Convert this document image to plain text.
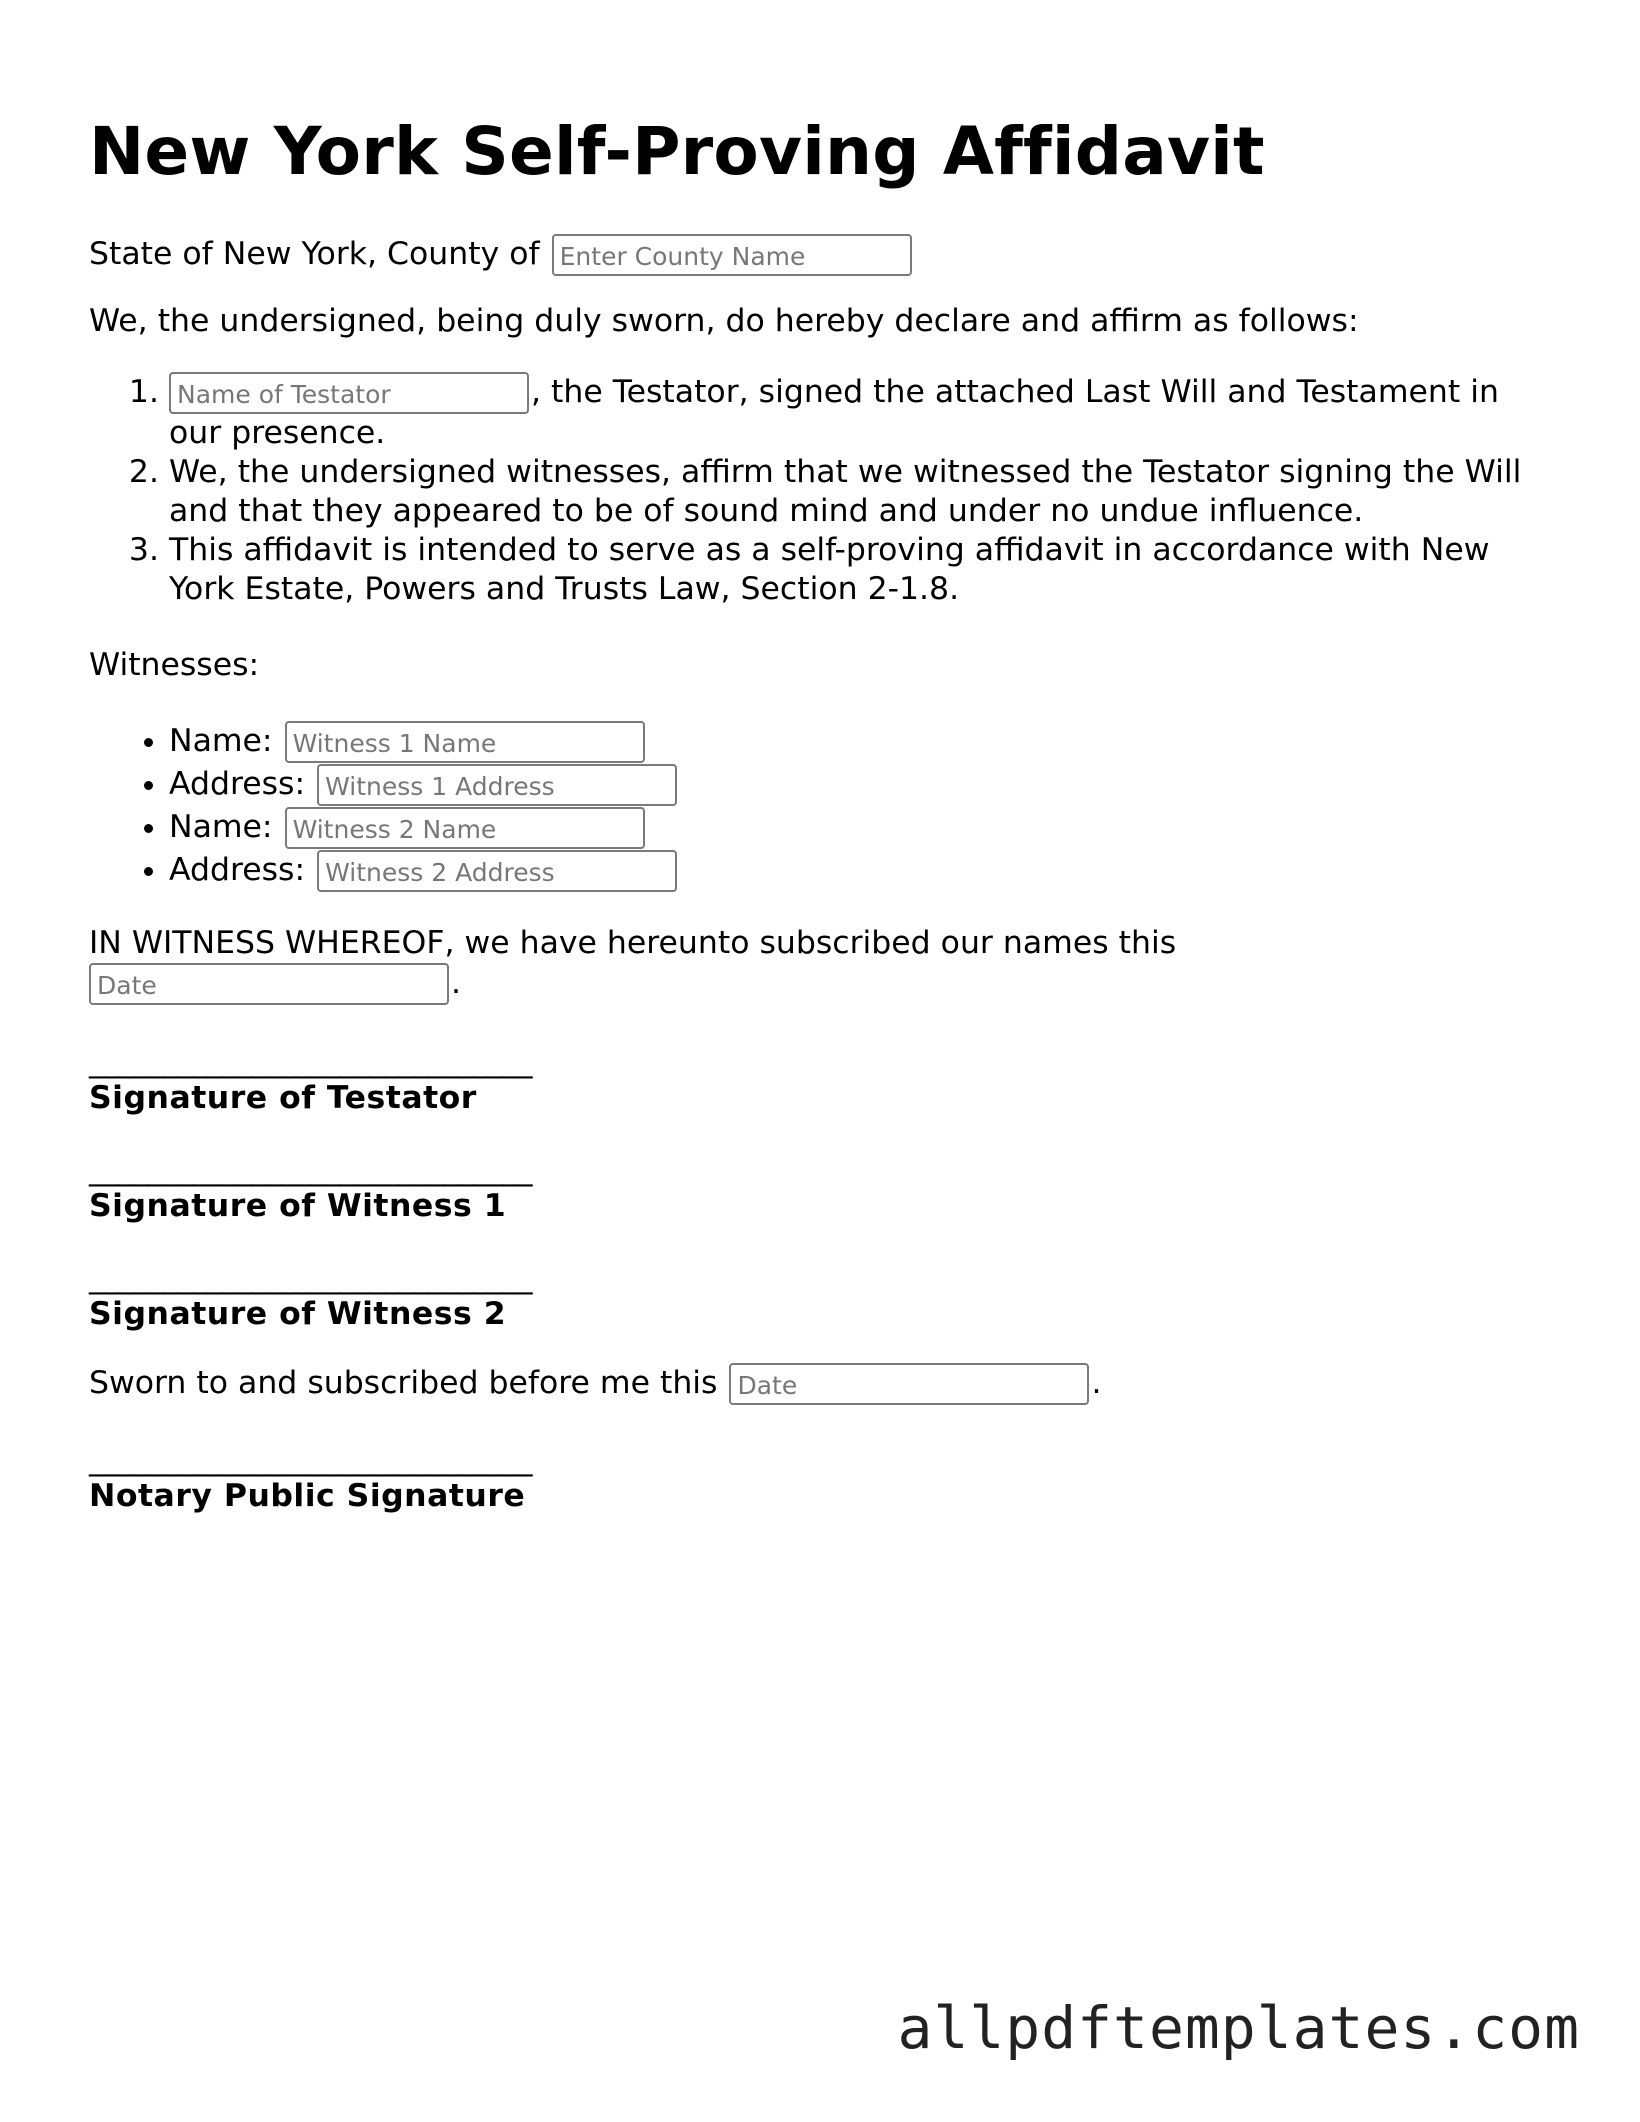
New York Self-Proving Affidavit

State of New York, County of Enter County Name

We, the undersigned, being duly sworn, do hereby declare and affirm as follows:

Name of Testator 1. , the Testator, signed the attached Last Will and Testament in our presence.
2. We, the undersigned witnesses, affirm that we witnessed the Testator signing the Will and that they appeared to be of sound mind and under no undue influence.
3. This affidavit is intended to serve as a self-proving affidavit in accordance with New York Estate, Powers and Trusts Law, Section 2-1.8.

Witnesses:

• Name: Witness 1 Name
• Address: Witness 1 Address
• Name: Witness 2 Name
• Address: Witness 2 Address

IN WITNESS WHEREOF, we have hereunto subscribed our names this
Date.

______________________________
Signature of Testator
______________________________
Signature of Witness 1
______________________________
Signature of Witness 2

Sworn to and subscribed before me this Date	.

______________________________
Notary Public Signature
allpdftemplates.com
